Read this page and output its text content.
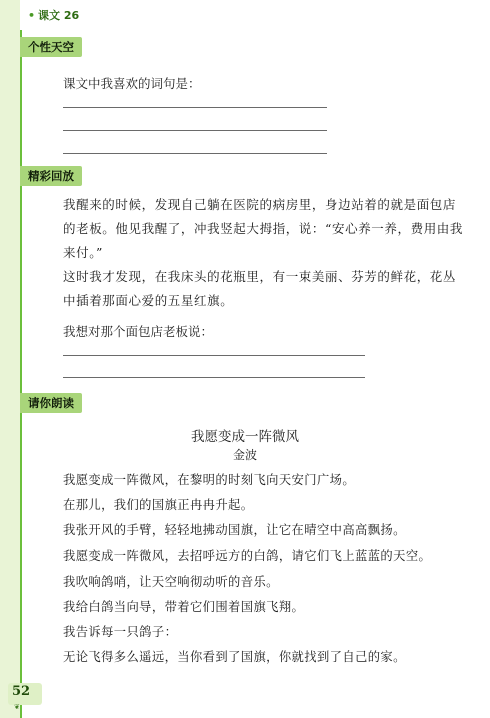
• 课文 26
个性天空
课文中我喜欢的词句是：
精彩回放
我醒来的时候，发现自己躺在医院的病房里，身边站着的就是面包店的老板。他见我醒了，冲我竖起大拇指，说：“安心养一养，费用由我来付。”
这时我才发现，在我床头的花瓶里，有一束美丽、芬芳的鲜花，花丛中插着那面心爱的五星红旗。
我想对那个面包店老板说：
请你朗读
我愿变成一阵微风
金波
我愿变成一阵微风，在黎明的时刻飞向天安门广场。
在那儿，我们的国旗正冉冉升起。
我张开风的手臂，轻轻地拂动国旗，让它在晴空中高高飘扬。
我愿变成一阵微风，去招呼远方的白鸽，请它们飞上蓝蓝的天空。
我吹响鸽哨，让天空响彻动听的音乐。
我给白鸽当向导，带着它们围着国旗飞翔。
我告诉每一只鸽子：
无论飞得多么遥远，当你看到了国旗，你就找到了自己的家。
52
❦
